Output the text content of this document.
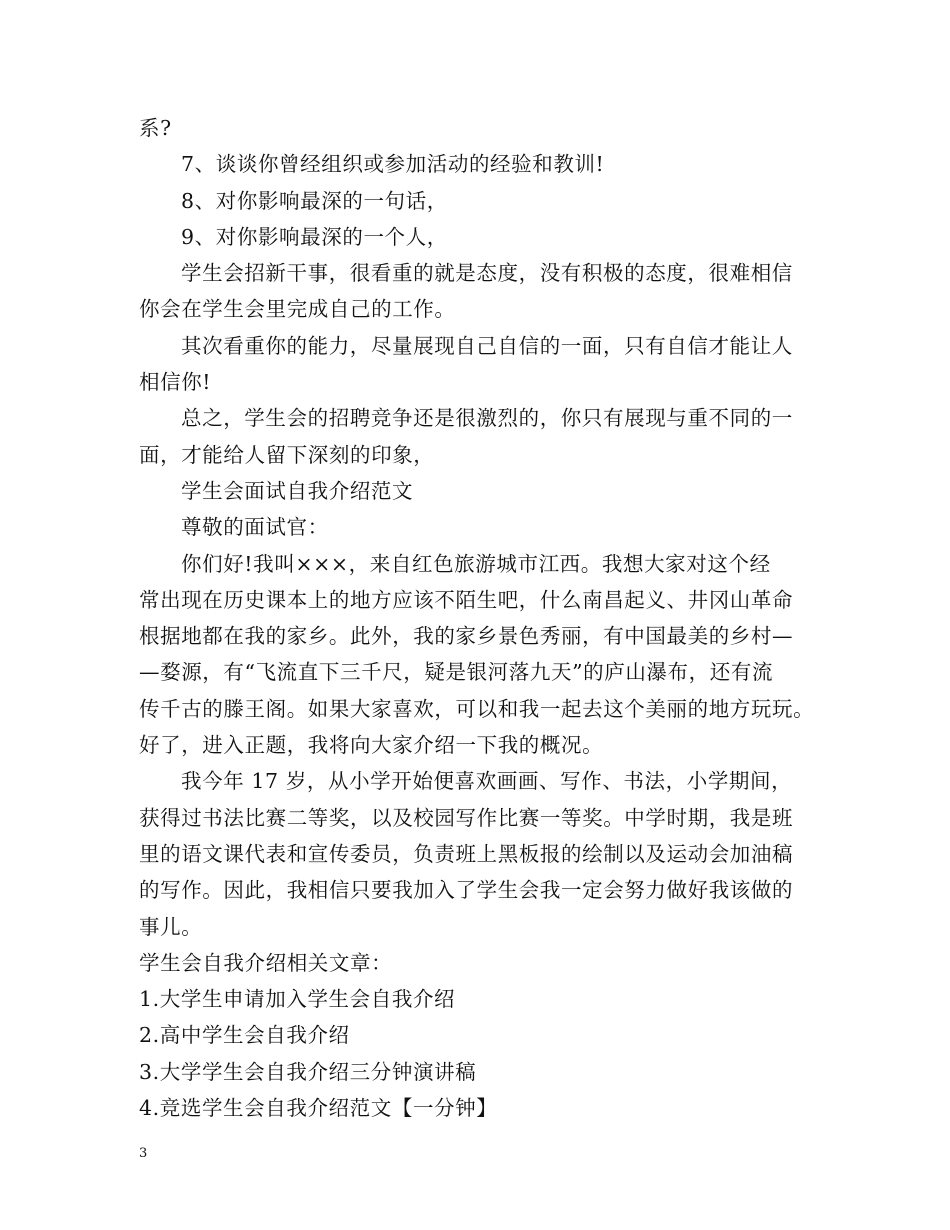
系?
7、谈谈你曾经组织或参加活动的经验和教训!
8、对你影响最深的一句话，
9、对你影响最深的一个人，
学生会招新干事，很看重的就是态度，没有积极的态度，很难相信
你会在学生会里完成自己的工作。
其次看重你的能力，尽量展现自己自信的一面，只有自信才能让人
相信你!
总之，学生会的招聘竞争还是很激烈的，你只有展现与重不同的一
面，才能给人留下深刻的印象，
学生会面试自我介绍范文
尊敬的面试官：
你们好!我叫×××，来自红色旅游城市江西。我想大家对这个经
常出现在历史课本上的地方应该不陌生吧，什么南昌起义、井冈山革命
根据地都在我的家乡。此外，我的家乡景色秀丽，有中国最美的乡村—
—婺源，有“飞流直下三千尺，疑是银河落九天”的庐山瀑布，还有流
传千古的滕王阁。如果大家喜欢，可以和我一起去这个美丽的地方玩玩。
好了，进入正题，我将向大家介绍一下我的概况。
我今年 17 岁，从小学开始便喜欢画画、写作、书法，小学期间，
获得过书法比赛二等奖，以及校园写作比赛一等奖。中学时期，我是班
里的语文课代表和宣传委员，负责班上黑板报的绘制以及运动会加油稿
的写作。因此，我相信只要我加入了学生会我一定会努力做好我该做的
事儿。
学生会自我介绍相关文章：
1.大学生申请加入学生会自我介绍
2.高中学生会自我介绍
3.大学学生会自我介绍三分钟演讲稿
4.竞选学生会自我介绍范文【一分钟】
3
